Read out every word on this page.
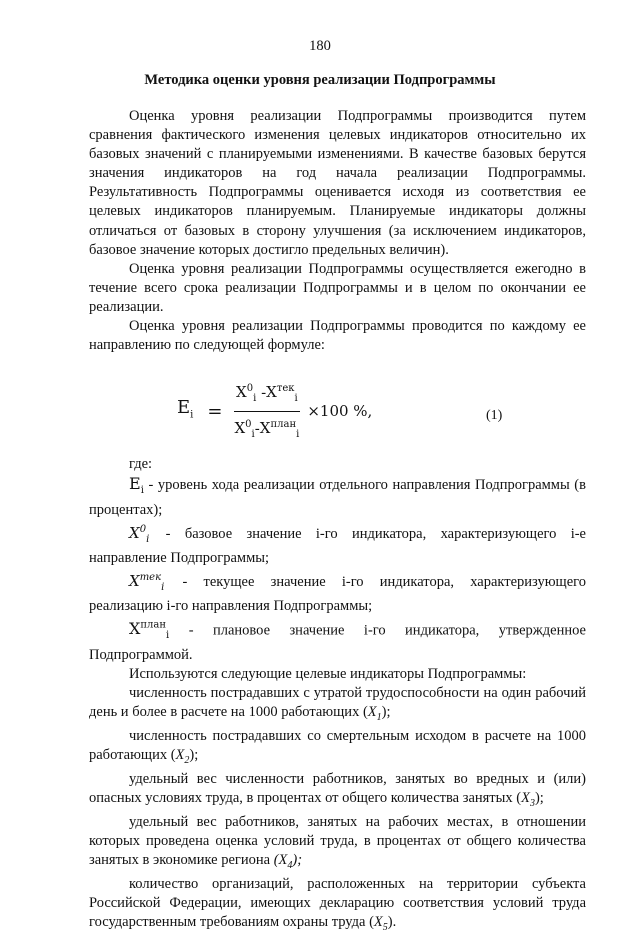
180
Методика оценки уровня реализации Подпрограммы

Оценка уровня реализации Подпрограммы производится путем сравнения фактического изменения целевых индикаторов относительно их базовых значений с планируемыми изменениями. В качестве базовых берутся значения индикаторов на год начала реализации Подпрограммы. Результативность Подпрограммы оценивается исходя из соответствия ее целевых индикаторов планируемым. Планируемые индикаторы должны отличаться от базовых в сторону улучшения (за исключением индикаторов, базовое значение которых достигло предельных величин).

Оценка уровня реализации Подпрограммы осуществляется ежегодно в течение всего срока реализации Подпрограммы и в целом по окончании ее реализации.

Оценка уровня реализации Подпрограммы проводится по каждому ее направлению по следующей формуле:

$E_i = \frac{X^0_i -X^{тек}_i}{X^0_i-X^{план}_i} \times 100$ %,	(1)

где:

$E_i$ - уровень хода реализации отдельного направления Подпрограммы (в процентах);

$X^0_i$ - базовое значение i-го индикатора, характеризующего i-е направление Подпрограммы;

$X^{тек}_i$ - текущее значение i-го индикатора, характеризующего реализацию i-го направления Подпрограммы;

$X^{план}_i$ - плановое значение i-го индикатора, утвержденное Подпрограммой.

Используются следующие целевые индикаторы Подпрограммы:

численность пострадавших с утратой трудоспособности на один рабочий день и более в расчете на 1000 работающих $(X_1)$;

численность пострадавших со смертельным исходом в расчете на 1000 работающих $(X_2)$;

удельный вес численности работников, занятых во вредных и (или) опасных условиях труда, в процентах от общего количества занятых $(X_3)$;

удельный вес работников, занятых на рабочих местах, в отношении которых проведена оценка условий труда, в процентах от общего количества занятых в экономике региона $(X_4)$;

количество организаций, расположенных на территории субъекта Российской Федерации, имеющих декларацию соответствия условий труда государственным требованиям охраны труда $(X_5)$.
